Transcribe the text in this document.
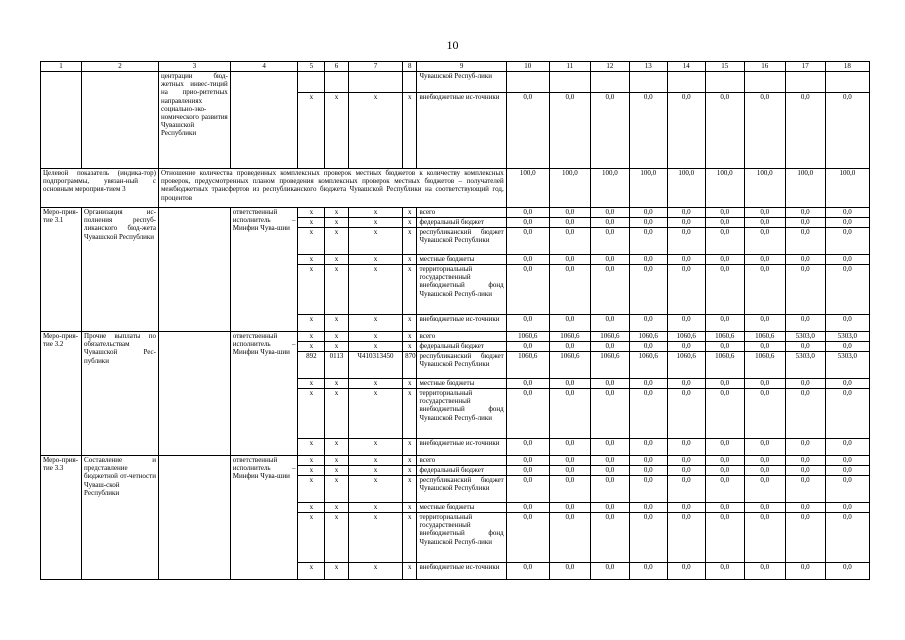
10
1	2	3	4	5	6	7	8	9	10	11	12	13	14	15	16	17	18
		центрации бюд-жетных инвес-тиций на прио-ритетных направлениях социально-эко-номического развития Чувашской Республики						Чувашской Респуб-лики									
				x	x	x	x	внебюджетные ис-точники	0,0	0,0	0,0	0,0	0,0	0,0	0,0	0,0	0,0
Целевой показатель (индика-тор) подпрограммы, увязан-ный с основным мероприя-тием 3		Отношение количества проведенных комплексных проверок местных бюджетов к количеству комплексных проверок, предусмотренных планом проведения комплексных проверок местных бюджетов – получателей межбюджетных трансфертов из республиканского бюджета Чувашской Республики на соответствующий год, процентов							100,0	100,0	100,0	100,0	100,0	100,0	100,0	100,0	100,0
Меро-прия-тие 3.1	Организация ис-полнения респуб-ликанского бюд-жета Чувашской Республики		ответственный исполнитель – Минфин Чува-шии	x	x	x	x	всего	0,0	0,0	0,0	0,0	0,0	0,0	0,0	0,0	0,0
				x	x	x	x	федеральный бюджет	0,0	0,0	0,0	0,0	0,0	0,0	0,0	0,0	0,0
				x	x	x	x	республиканский бюджет Чувашской Республики	0,0	0,0	0,0	0,0	0,0	0,0	0,0	0,0	0,0
				x	x	x	x	местные бюджеты	0,0	0,0	0,0	0,0	0,0	0,0	0,0	0,0	0,0
				x	x	x	x	территориальный государственный внебюджетный фонд Чувашской Респуб-лики	0,0	0,0	0,0	0,0	0,0	0,0	0,0	0,0	0,0
				x	x	x	x	внебюджетные ис-точники	0,0	0,0	0,0	0,0	0,0	0,0	0,0	0,0	0,0
Меро-прия-тие 3.2	Прочие выплаты по обязательствам Чувашской Рес-публики		ответственный исполнитель – Минфин Чува-шии	x	x	x	x	всего	1060,6	1060,6	1060,6	1060,6	1060,6	1060,6	1060,6	5303,0	5303,0
				x	x	x	x	федеральный бюджет	0,0	0,0	0,0	0,0	0,0	0,0	0,0	0,0	0,0
				892	0113	Ч410313450	870	республиканский бюджет Чувашской Республики	1060,6	1060,6	1060,6	1060,6	1060,6	1060,6	1060,6	5303,0	5303,0
				x	x	x	x	местные бюджеты	0,0	0,0	0,0	0,0	0,0	0,0	0,0	0,0	0,0
				x	x	x	x	территориальный государственный внебюджетный фонд Чувашской Респуб-лики	0,0	0,0	0,0	0,0	0,0	0,0	0,0	0,0	0,0
				x	x	x	x	внебюджетные ис-точники	0,0	0,0	0,0	0,0	0,0	0,0	0,0	0,0	0,0
Меро-прия-тие 3.3	Составление и представление бюджетной от-четности Чуваш-ской Республики		ответственный исполнитель – Минфин Чува-шии	x	x	x	x	всего	0,0	0,0	0,0	0,0	0,0	0,0	0,0	0,0	0,0
				x	x	x	x	федеральный бюджет	0,0	0,0	0,0	0,0	0,0	0,0	0,0	0,0	0,0
				x	x	x	x	республиканский бюджет Чувашской Республики	0,0	0,0	0,0	0,0	0,0	0,0	0,0	0,0	0,0
				x	x	x	x	местные бюджеты	0,0	0,0	0,0	0,0	0,0	0,0	0,0	0,0	0,0
				x	x	x	x	территориальный государственный внебюджетный фонд Чувашской Респуб-лики	0,0	0,0	0,0	0,0	0,0	0,0	0,0	0,0	0,0
				x	x	x	x	внебюджетные ис-точники	0,0	0,0	0,0	0,0	0,0	0,0	0,0	0,0	0,0
